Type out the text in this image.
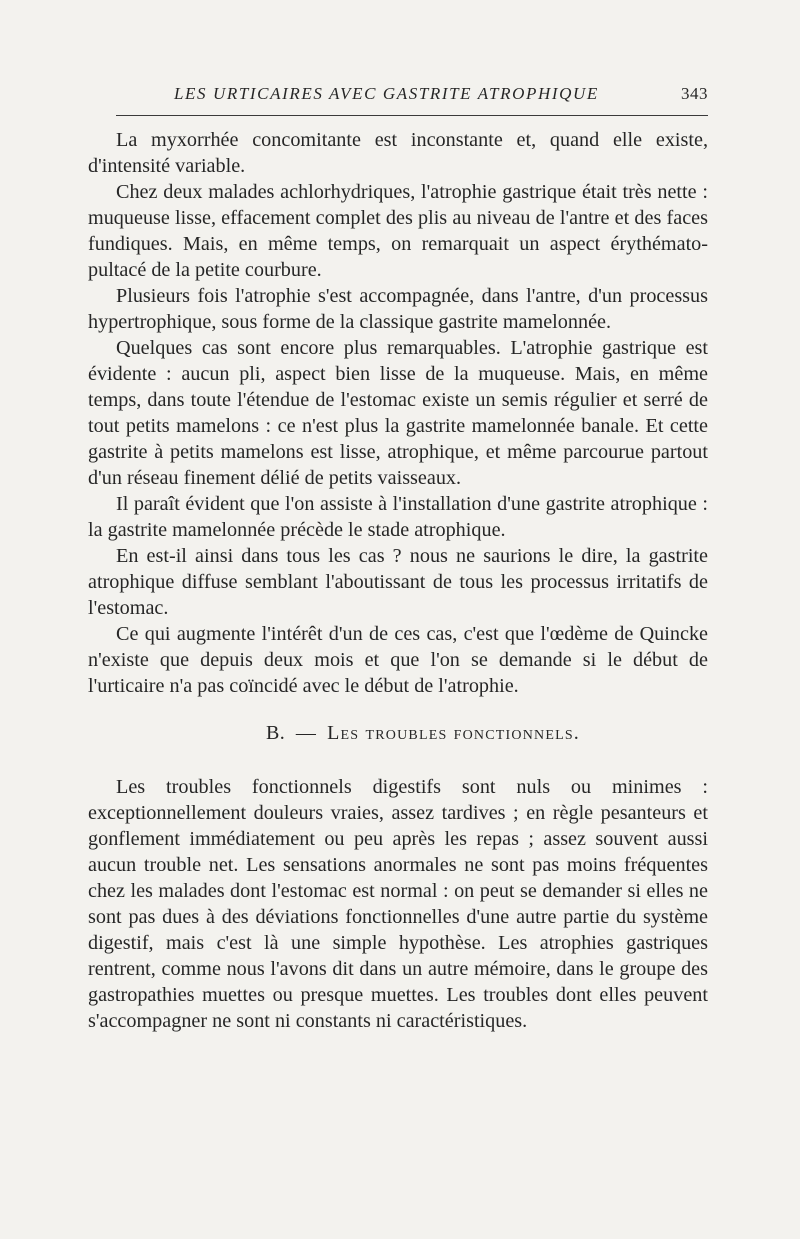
LES URTICAIRES AVEC GASTRITE ATROPHIQUE	343

La myxorrhée concomitante est inconstante et, quand elle existe, d'intensité variable.

Chez deux malades achlorhydriques, l'atrophie gastrique était très nette : muqueuse lisse, effacement complet des plis au niveau de l'antre et des faces fundiques. Mais, en même temps, on remarquait un aspect érythémato-pultacé de la petite courbure.

Plusieurs fois l'atrophie s'est accompagnée, dans l'antre, d'un processus hypertrophique, sous forme de la classique gastrite mamelonnée.

Quelques cas sont encore plus remarquables. L'atrophie gastrique est évidente : aucun pli, aspect bien lisse de la muqueuse. Mais, en même temps, dans toute l'étendue de l'estomac existe un semis régulier et serré de tout petits mamelons : ce n'est plus la gastrite mamelonnée banale. Et cette gastrite à petits mamelons est lisse, atrophique, et même parcourue partout d'un réseau finement délié de petits vaisseaux.

Il paraît évident que l'on assiste à l'installation d'une gastrite atrophique : la gastrite mamelonnée précède le stade atrophique.

En est-il ainsi dans tous les cas ? nous ne saurions le dire, la gastrite atrophique diffuse semblant l'aboutissant de tous les processus irritatifs de l'estomac.

Ce qui augmente l'intérêt d'un de ces cas, c'est que l'œdème de Quincke n'existe que depuis deux mois et que l'on se demande si le début de l'urticaire n'a pas coïncidé avec le début de l'atrophie.

B. — Les troubles fonctionnels.

Les troubles fonctionnels digestifs sont nuls ou minimes : exceptionnellement douleurs vraies, assez tardives ; en règle pesanteurs et gonflement immédiatement ou peu après les repas ; assez souvent aussi aucun trouble net. Les sensations anormales ne sont pas moins fréquentes chez les malades dont l'estomac est normal : on peut se demander si elles ne sont pas dues à des déviations fonctionnelles d'une autre partie du système digestif, mais c'est là une simple hypothèse. Les atrophies gastriques rentrent, comme nous l'avons dit dans un autre mémoire, dans le groupe des gastropathies muettes ou presque muettes. Les troubles dont elles peuvent s'accompagner ne sont ni constants ni caractéristiques.
